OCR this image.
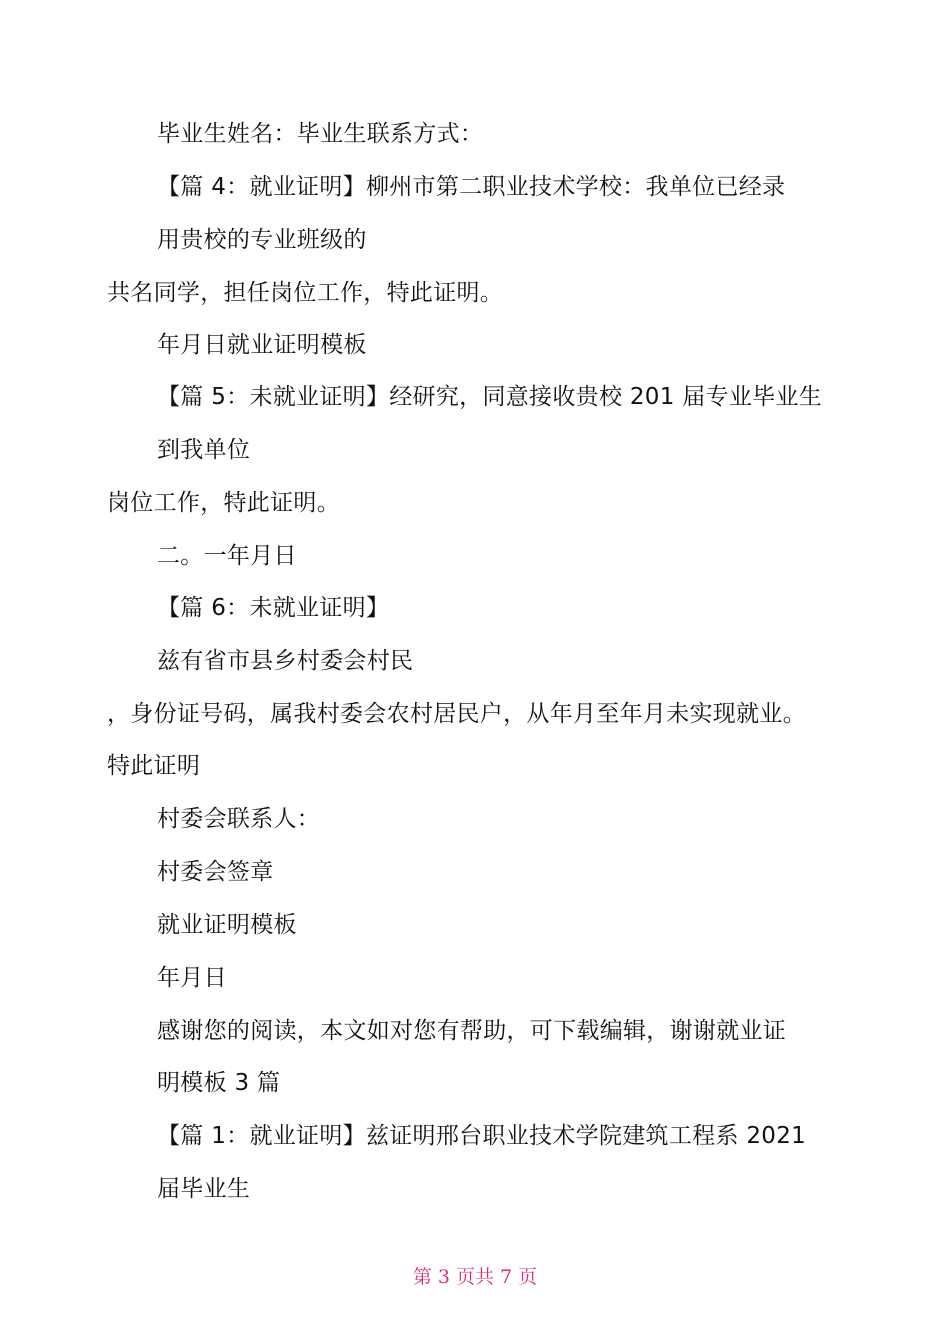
毕业生姓名：毕业生联系方式：
【篇 4：就业证明】柳州市第二职业技术学校：我单位已经录
用贵校的专业班级的
共名同学，担任岗位工作，特此证明。
年月日就业证明模板
【篇 5：未就业证明】经研究，同意接收贵校 201 届专业毕业生
到我单位
岗位工作，特此证明。
二。一年月日
【篇 6：未就业证明】
兹有省市县乡村委会村民
，身份证号码，属我村委会农村居民户，从年月至年月未实现就业。
特此证明
村委会联系人：
村委会签章
就业证明模板
年月日
感谢您的阅读，本文如对您有帮助，可下载编辑，谢谢就业证
明模板 3 篇
【篇 1：就业证明】兹证明邢台职业技术学院建筑工程系 2021
届毕业生
第 3 页共 7 页
